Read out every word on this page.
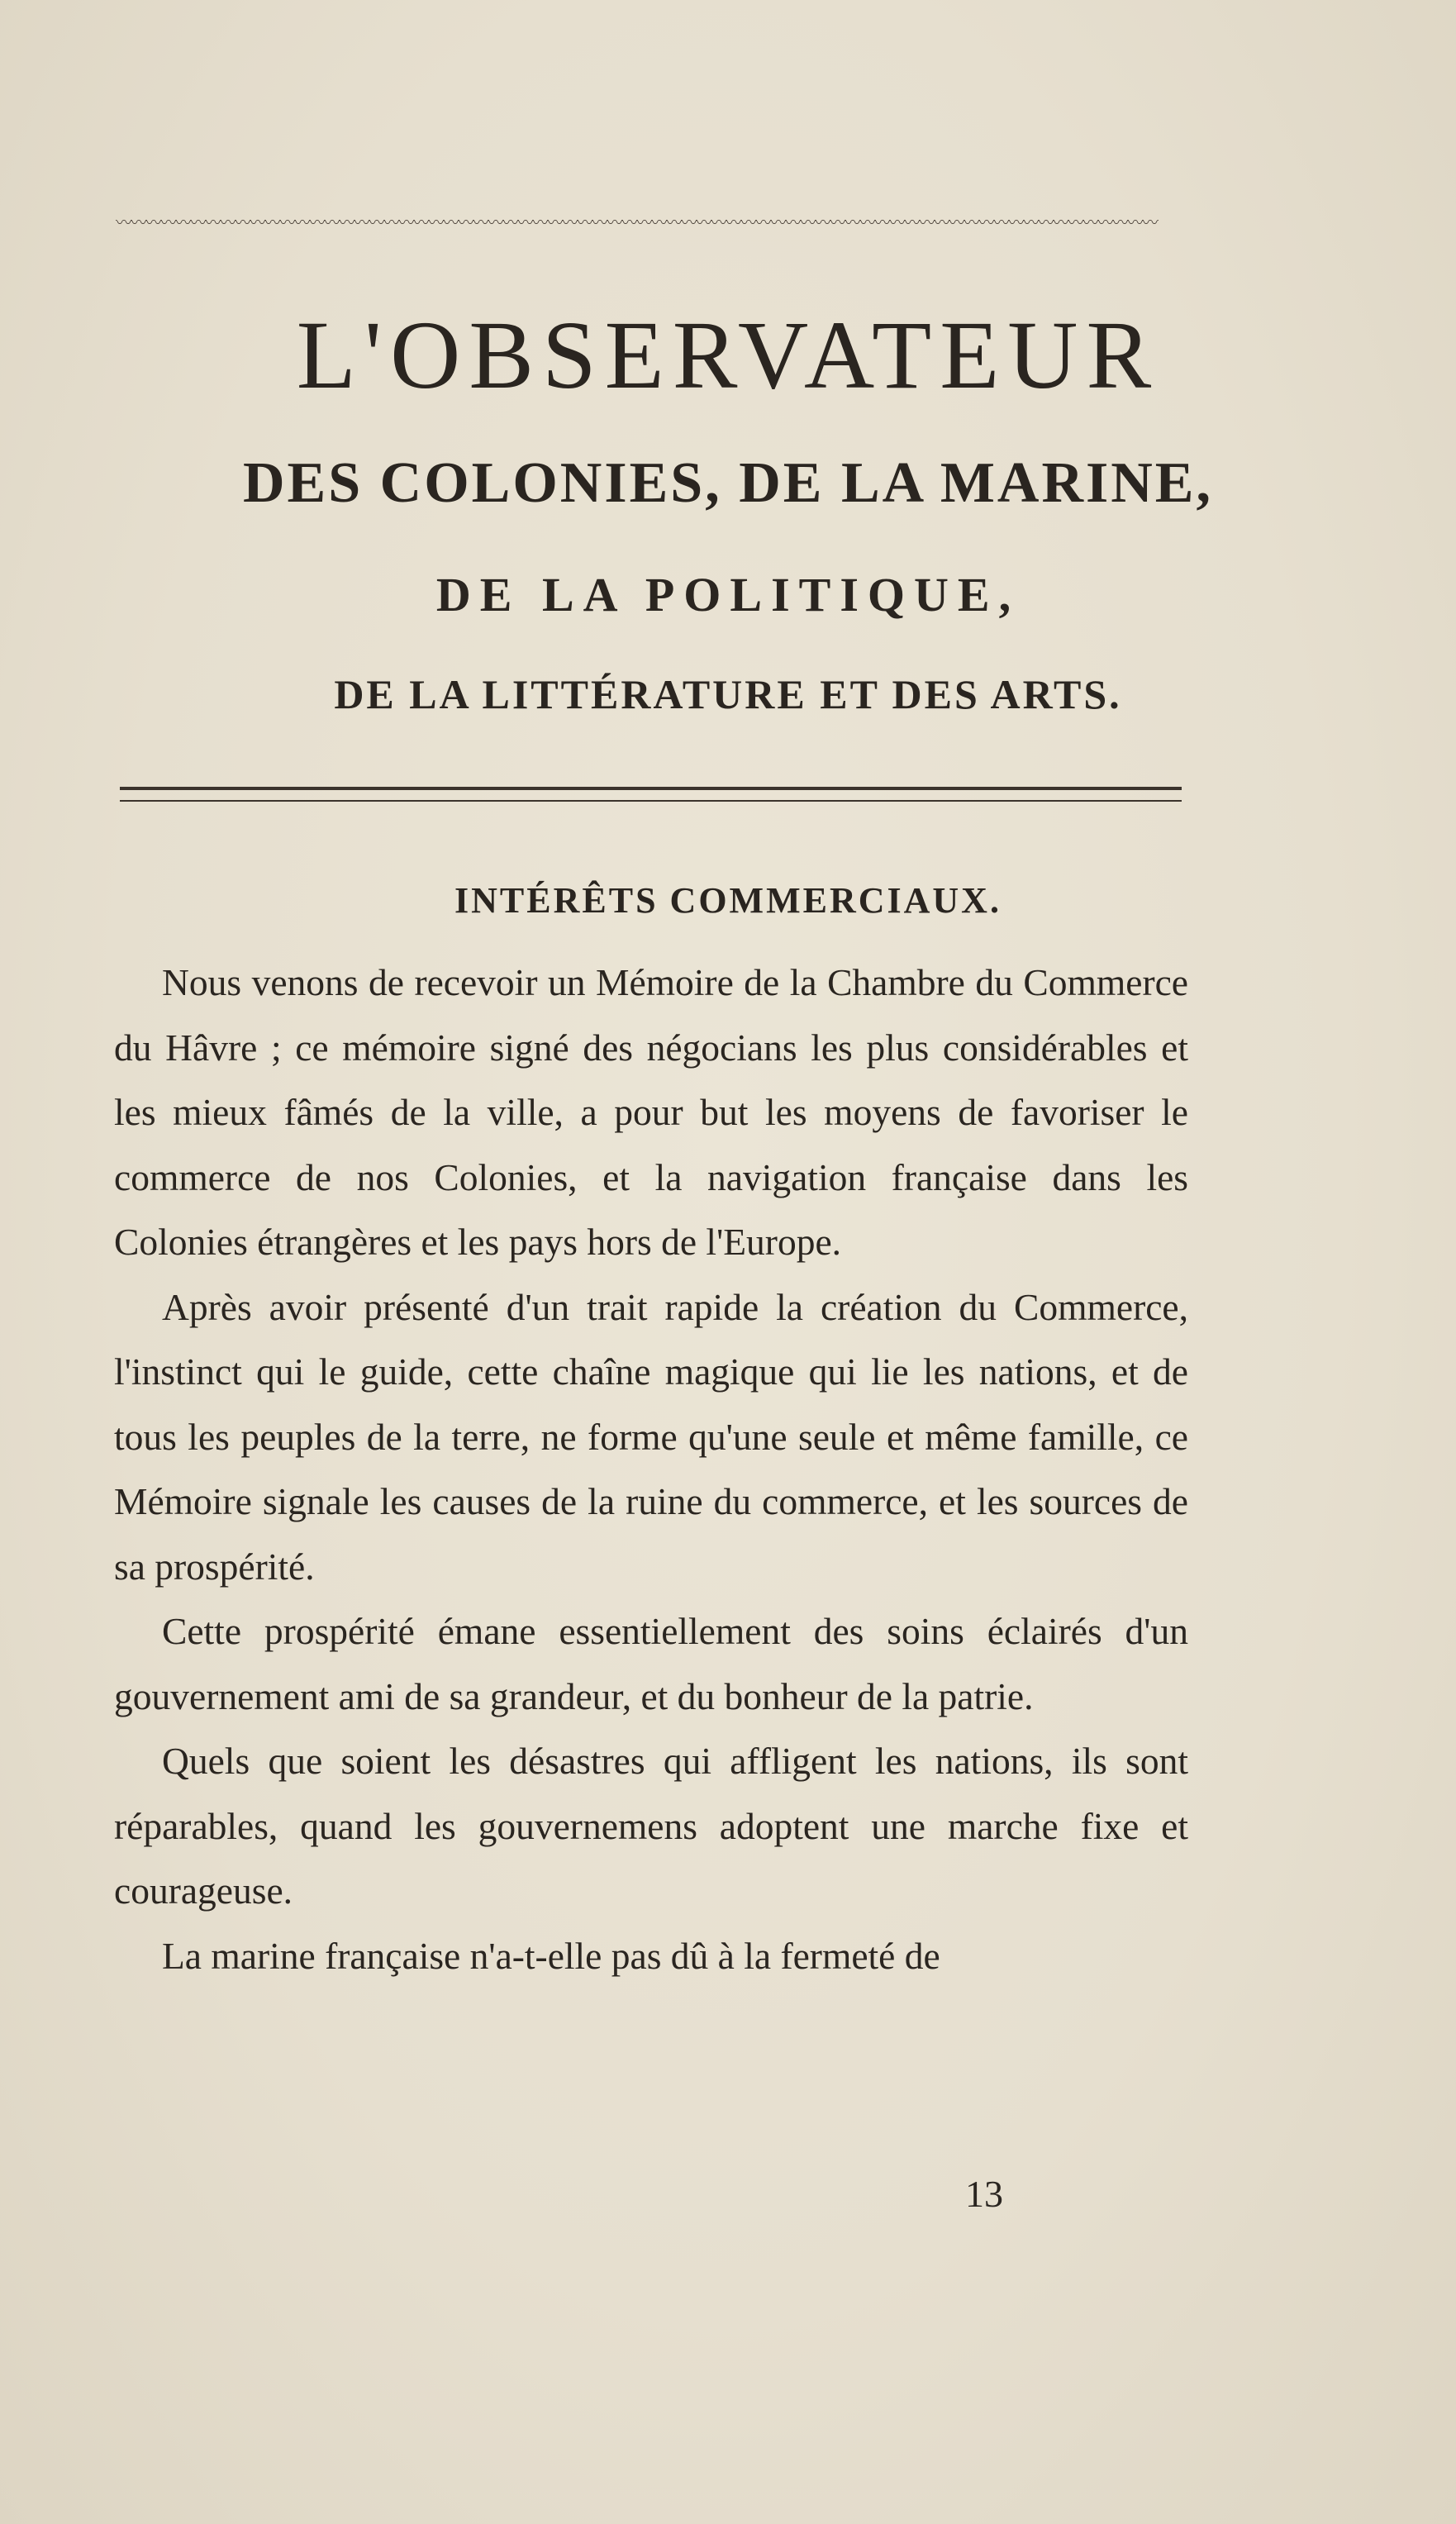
〰〰〰〰〰〰〰〰〰〰〰〰〰〰〰〰〰〰〰〰〰〰〰〰〰〰〰〰〰〰〰〰〰〰〰〰〰〰〰〰〰〰〰〰〰〰〰〰〰〰〰〰〰〰〰〰〰〰〰〰〰〰〰〰〰〰〰〰〰〰
L'OBSERVATEUR
DES COLONIES, DE LA MARINE,
DE LA POLITIQUE,
DE LA LITTÉRATURE ET DES ARTS.
INTÉRÊTS COMMERCIAUX.

Nous venons de recevoir un Mémoire de la Chambre du Commerce du Hâvre ; ce mémoire signé des négocians les plus considérables et les mieux fâmés de la ville, a pour but les moyens de favoriser le commerce de nos Colonies, et la navigation française dans les Colonies étrangères et les pays hors de l'Europe.

Après avoir présenté d'un trait rapide la création du Commerce, l'instinct qui le guide, cette chaîne magique qui lie les nations, et de tous les peuples de la terre, ne forme qu'une seule et même famille, ce Mémoire signale les causes de la ruine du commerce, et les sources de sa prospérité.

Cette prospérité émane essentiellement des soins éclairés d'un gouvernement ami de sa grandeur, et du bonheur de la patrie.

Quels que soient les désastres qui affligent les nations, ils sont réparables, quand les gouvernemens adoptent une marche fixe et courageuse.

La marine française n'a-t-elle pas dû à la fermeté de

13
